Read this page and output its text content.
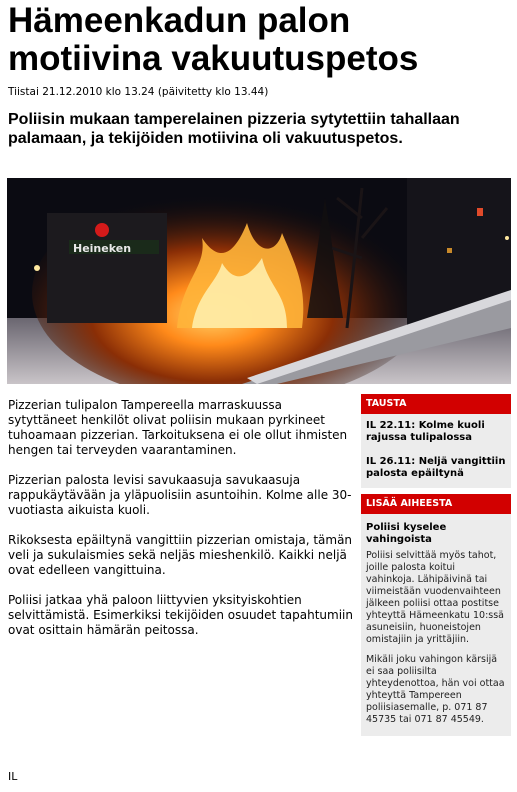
Hämeenkadun palon motiivina vakuutuspetos
Tiistai 21.12.2010 klo 13.24 (päivitetty klo 13.44)
Poliisin mukaan tamperelainen pizzeria sytytettiin tahallaan palamaan, ja tekijöiden motiivina oli vakuutuspetos.
Heineken

Pizzerian tulipalon Tampereella marraskuussa sytyttäneet henkilöt olivat poliisin mukaan pyrkineet tuhoamaan pizzerian. Tarkoituksena ei ole ollut ihmisten hengen tai terveyden vaarantaminen.

Pizzerian palosta levisi savukaasuja savukaasuja rappukäytävään ja yläpuolisiin asuntoihin. Kolme alle 30-vuotiasta aikuista kuoli.

Rikoksesta epäiltynä vangittiin pizzerian omistaja, tämän veli ja sukulaismies sekä neljäs mieshenkilö. Kaikki neljä ovat edelleen vangittuina.

Poliisi jatkaa yhä paloon liittyvien yksityiskohtien selvittämistä. Esimerkiksi tekijöiden osuudet tapahtumiin ovat osittain hämärän peitossa.

IL
TAUSTA
IL 22.11: Kolme kuoli rajussa tulipalossa
IL 26.11: Neljä vangittiin palosta epäiltynä
LISÄÄ AIHEESTA
Poliisi kyselee vahingoista
Poliisi selvittää myös tahot, joille palosta koitui vahinkoja. Lähipäivinä tai viimeistään vuodenvaihteen jälkeen poliisi ottaa postitse yhteyttä Hämeenkatu 10:ssä asuneisiin, huoneistojen omistajiin ja yrittäjiin.
Mikäli joku vahingon kärsijä ei saa poliisilta yhteydenottoa, hän voi ottaa yhteyttä Tampereen poliisiasemalle, p. 071 87 45735 tai 071 87 45549.
